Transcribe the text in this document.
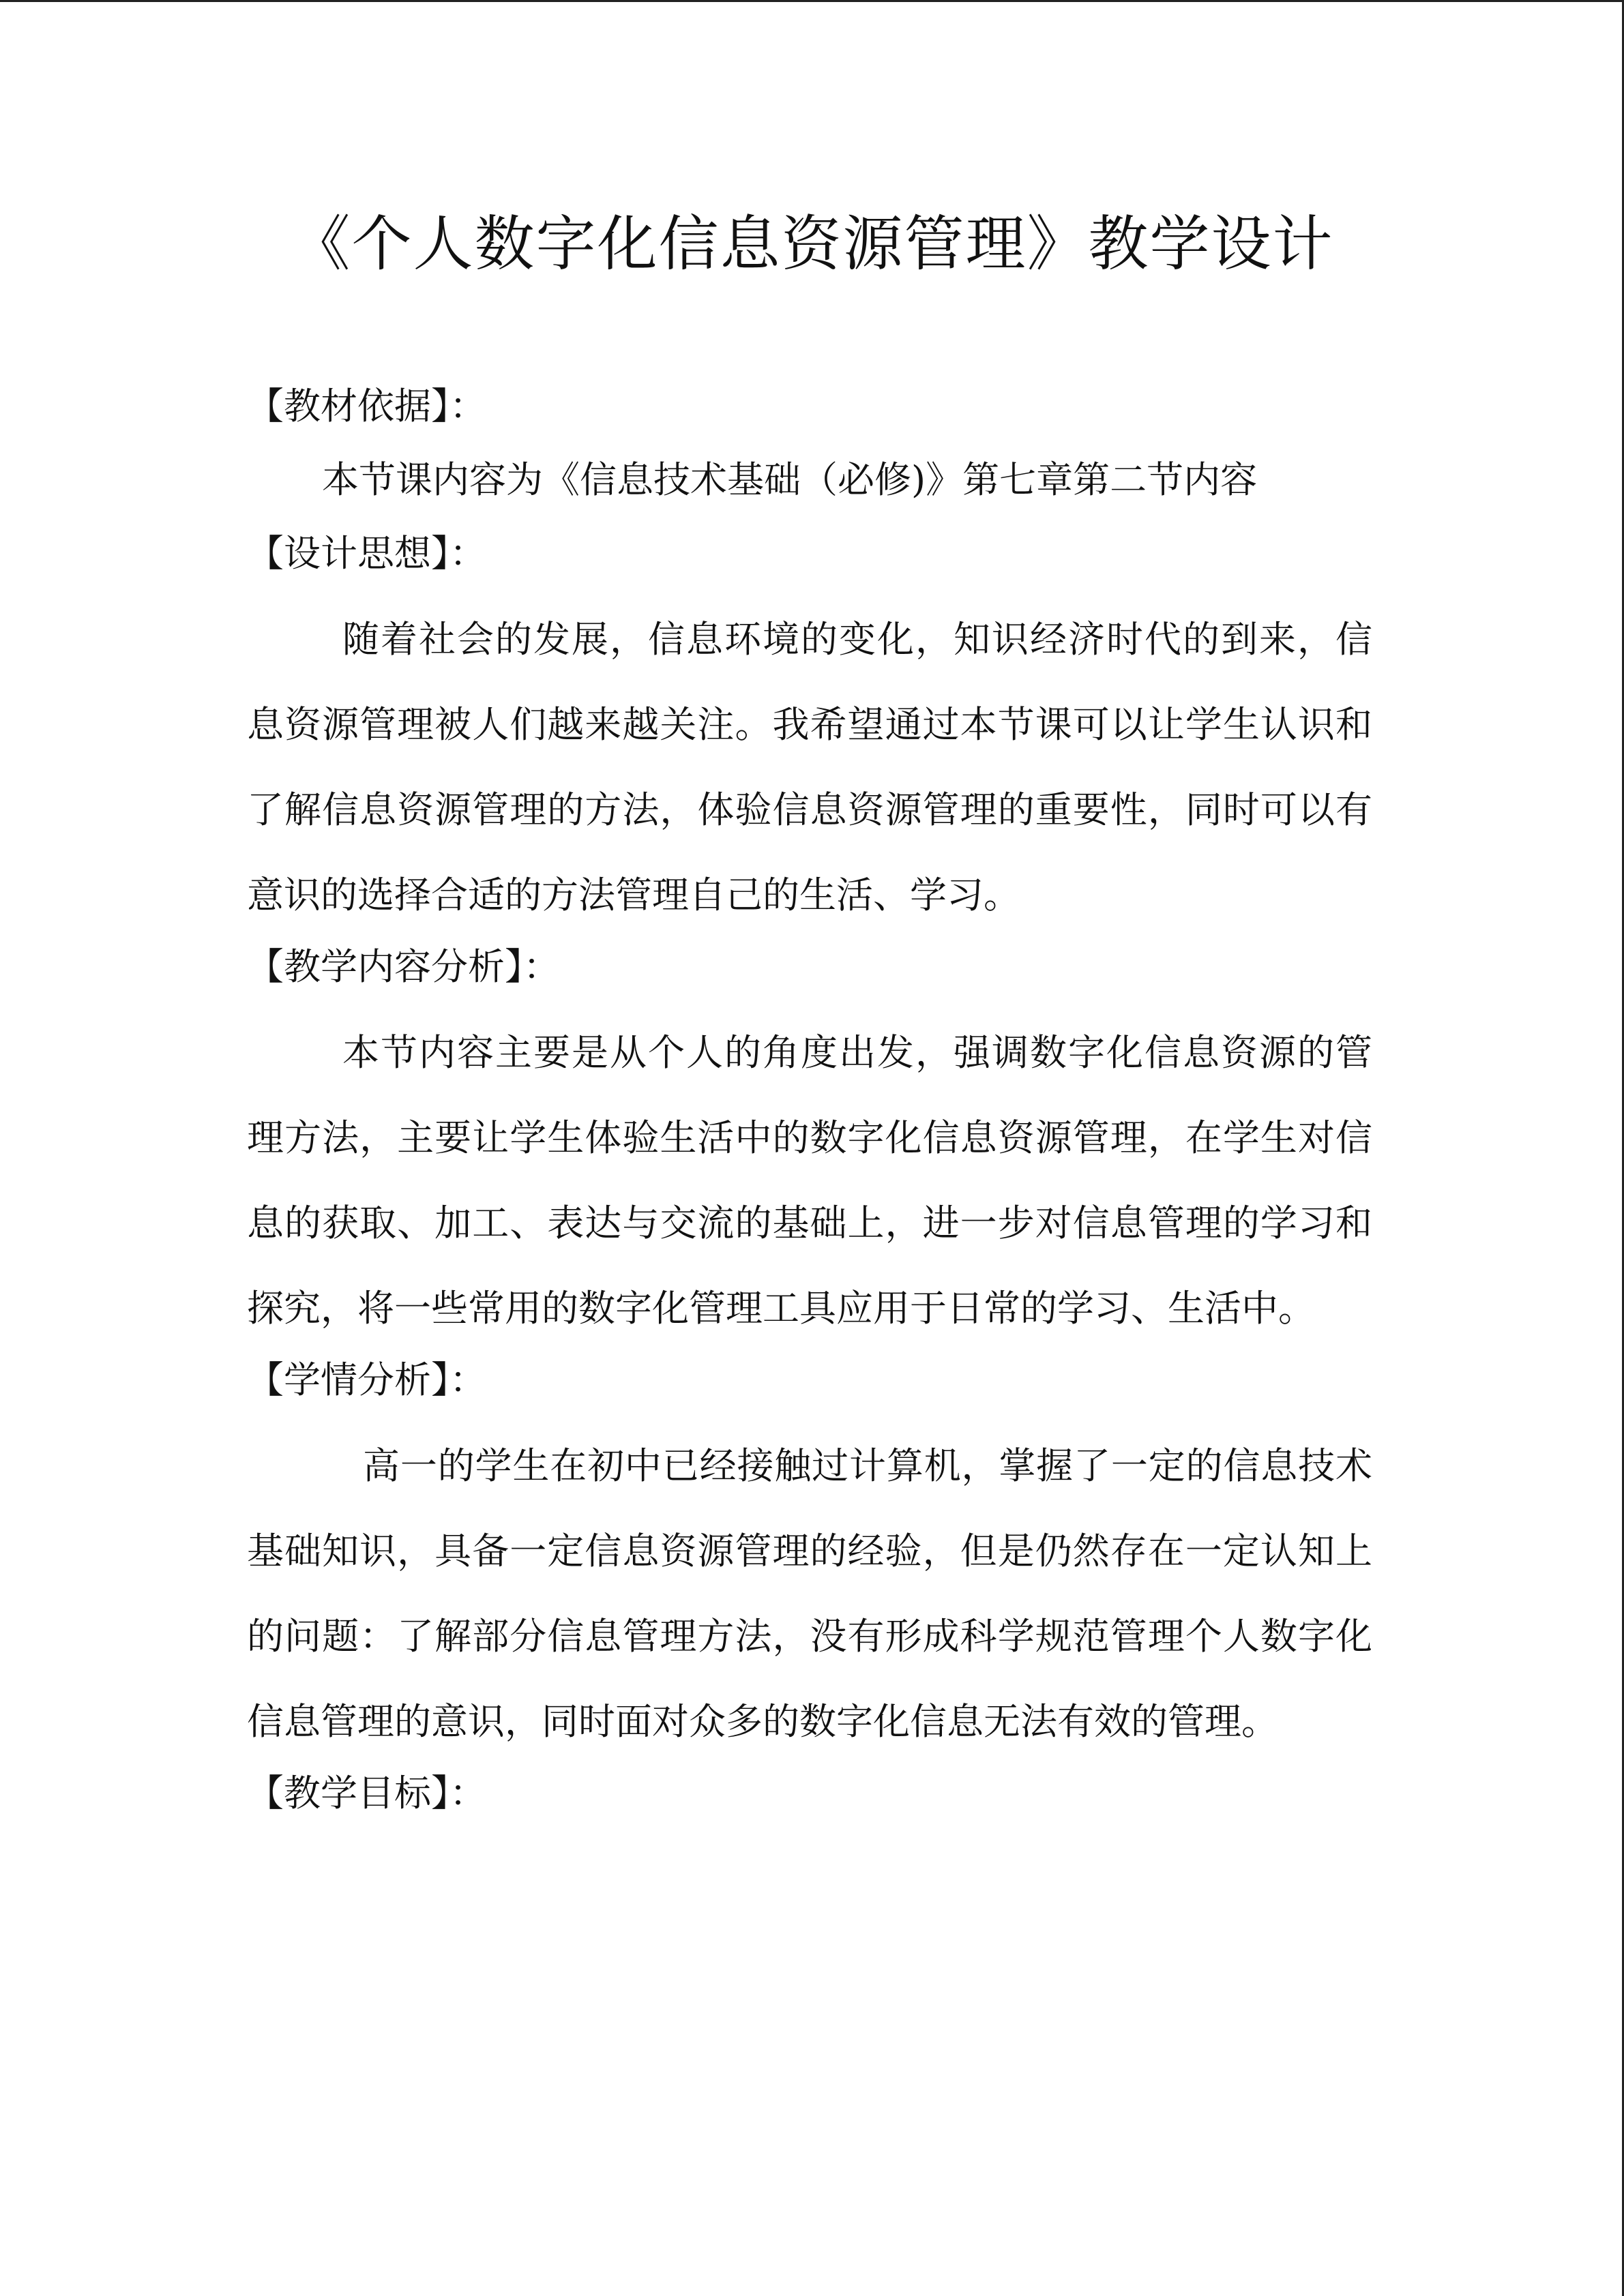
《个人数字化信息资源管理》教学设计
【教材依据】：

本节课内容为《信息技术基础（必修)》第七章第二节内容

【设计思想】：

随着社会的发展，信息环境的变化，知识经济时代的到来，信息资源管理被人们越来越关注。我希望通过本节课可以让学生认识和了解信息资源管理的方法，体验信息资源管理的重要性，同时可以有意识的选择合适的方法管理自己的生活、学习。

【教学内容分析】：

本节内容主要是从个人的角度出发，强调数字化信息资源的管理方法，主要让学生体验生活中的数字化信息资源管理，在学生对信息的获取、加工、表达与交流的基础上，进一步对信息管理的学习和探究，将一些常用的数字化管理工具应用于日常的学习、生活中。

【学情分析】：

高一的学生在初中已经接触过计算机，掌握了一定的信息技术基础知识，具备一定信息资源管理的经验，但是仍然存在一定认知上的问题：了解部分信息管理方法，没有形成科学规范管理个人数字化信息管理的意识，同时面对众多的数字化信息无法有效的管理。

【教学目标】：
